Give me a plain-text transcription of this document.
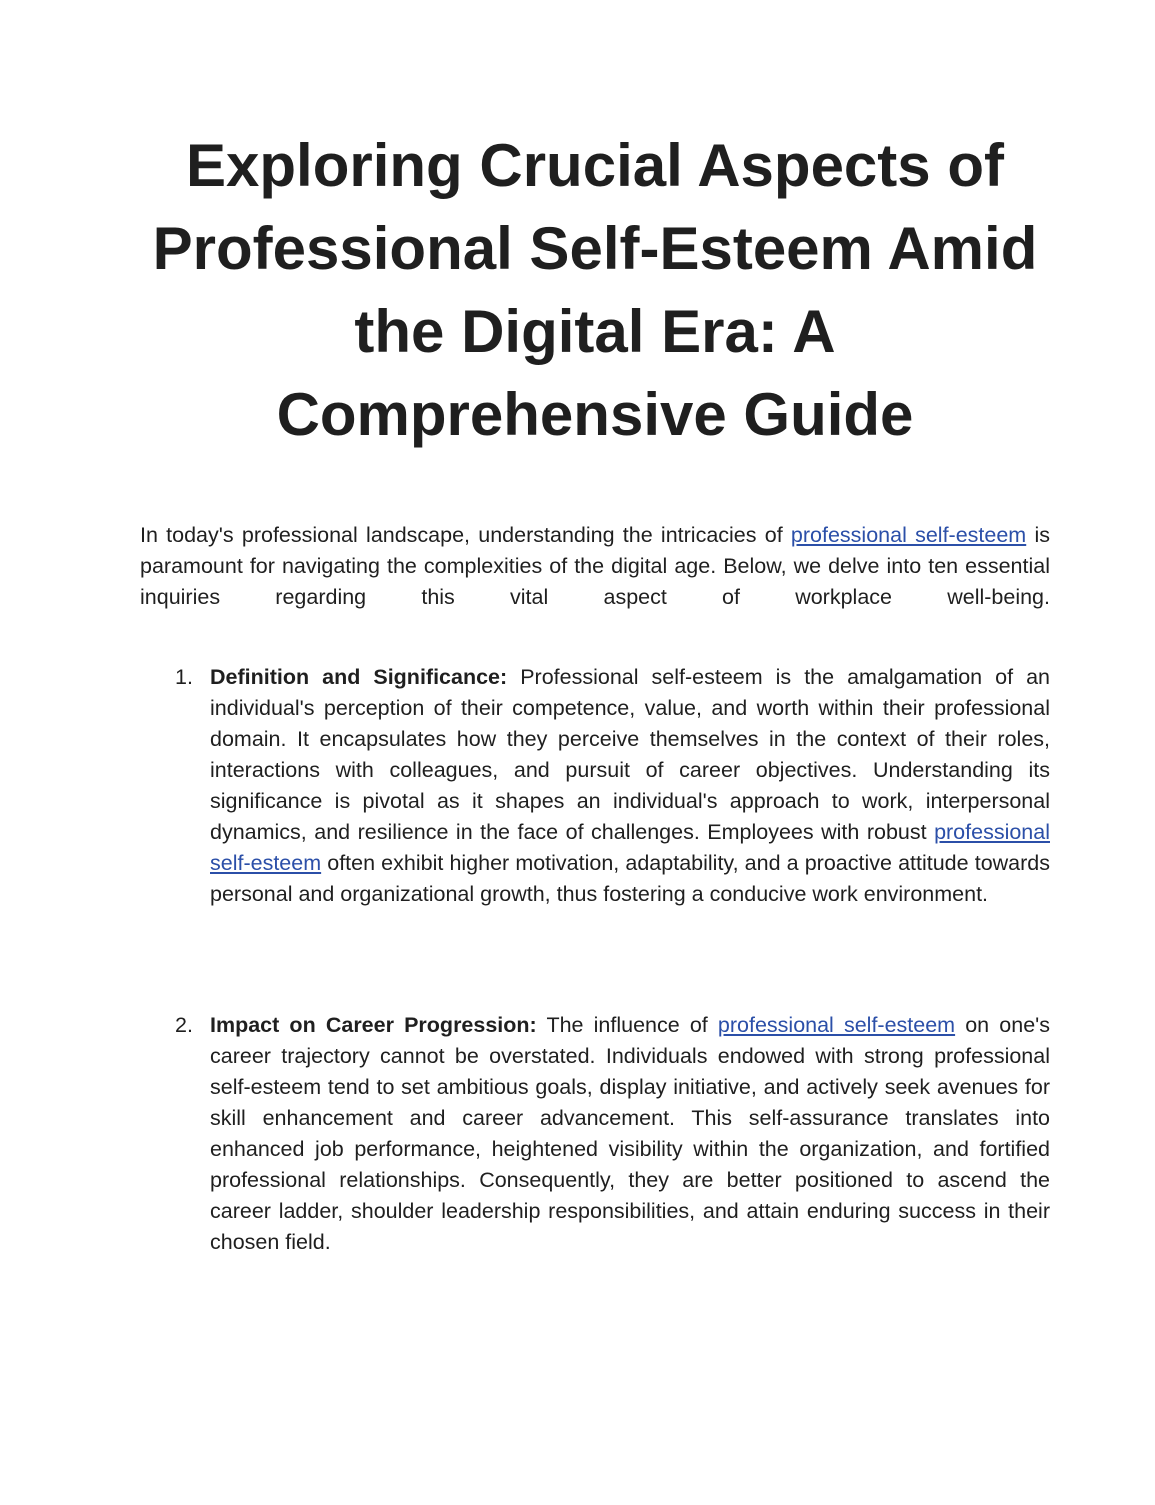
Exploring Crucial Aspects of Professional Self-Esteem Amid the Digital Era: A Comprehensive Guide

In today's professional landscape, understanding the intricacies of professional self-esteem is paramount for navigating the complexities of the digital age. Below, we delve into ten essential inquiries regarding this vital aspect of workplace well-being.

1. Definition and Significance: Professional self-esteem is the amalgamation of an individual's perception of their competence, value, and worth within their professional domain. It encapsulates how they perceive themselves in the context of their roles, interactions with colleagues, and pursuit of career objectives. Understanding its significance is pivotal as it shapes an individual's approach to work, interpersonal dynamics, and resilience in the face of challenges. Employees with robust professional self-esteem often exhibit higher motivation, adaptability, and a proactive attitude towards personal and organizational growth, thus fostering a conducive work environment.
2. Impact on Career Progression: The influence of professional self-esteem on one's career trajectory cannot be overstated. Individuals endowed with strong professional self-esteem tend to set ambitious goals, display initiative, and actively seek avenues for skill enhancement and career advancement. This self-assurance translates into enhanced job performance, heightened visibility within the organization, and fortified professional relationships. Consequently, they are better positioned to ascend the career ladder, shoulder leadership responsibilities, and attain enduring success in their chosen field.
